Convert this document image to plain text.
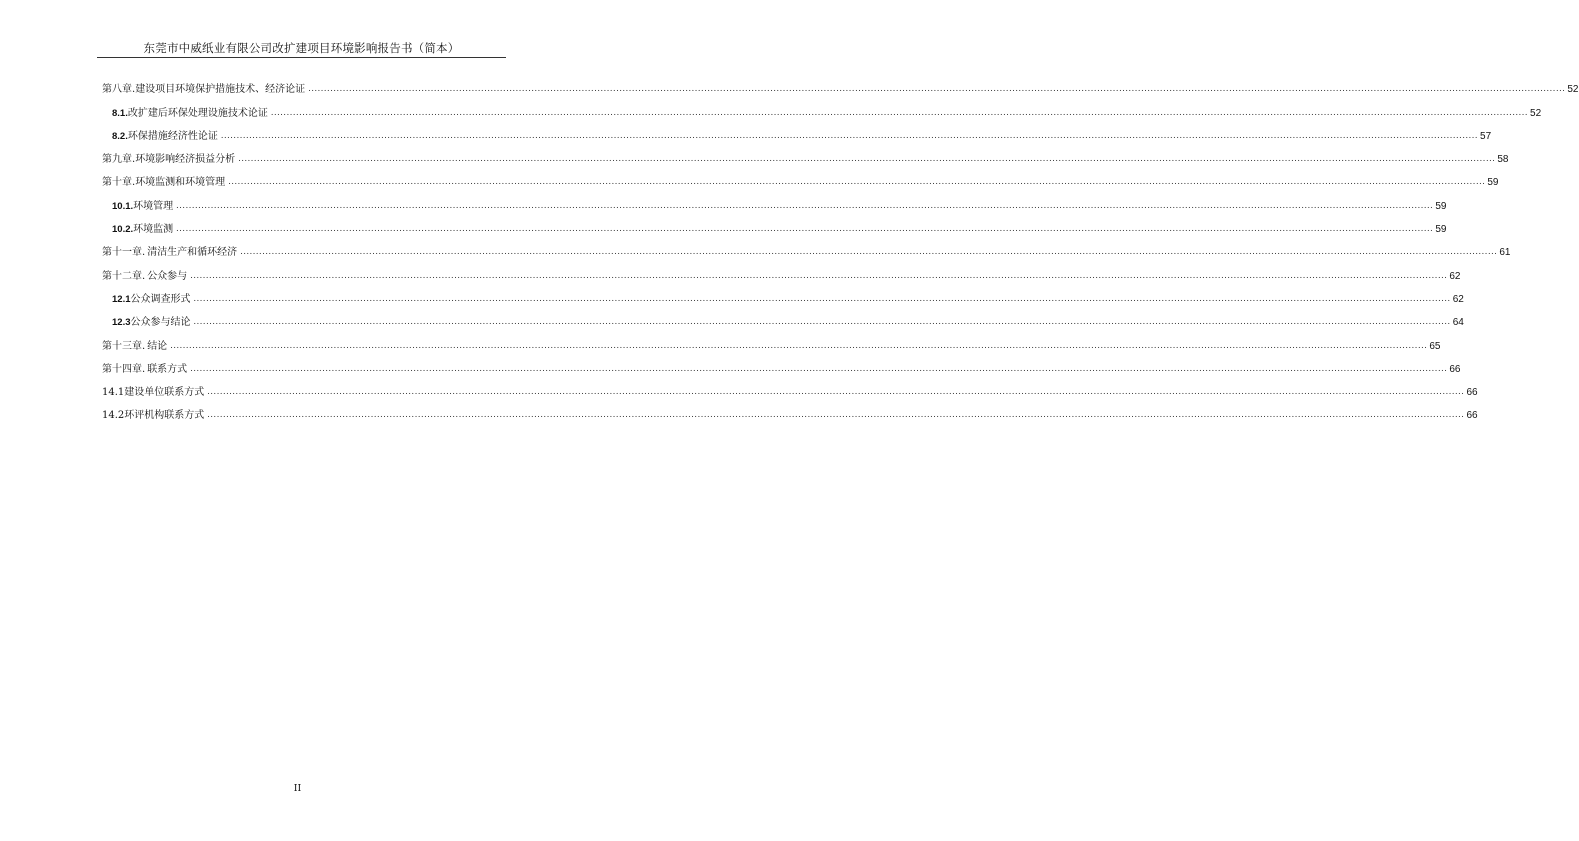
东莞市中威纸业有限公司改扩建项目环境影响报告书（简本）
第八章. 建设项目环境保护措施技术、经济论证 ................................................................................................................................................................................................................................................................................................................................................................................................................ 52
8.1. 改扩建后环保处理设施技术论证 ................................................................................................................................................................................................................................................................................................................................................................................................................ 52
8.2. 环保措施经济性论证 ................................................................................................................................................................................................................................................................................................................................................................................................................ 57
第九章. 环境影响经济损益分析 ................................................................................................................................................................................................................................................................................................................................................................................................................ 58
第十章. 环境监测和环境管理 ................................................................................................................................................................................................................................................................................................................................................................................................................ 59
10.1. 环境管理 ................................................................................................................................................................................................................................................................................................................................................................................................................ 59
10.2. 环境监测 ................................................................................................................................................................................................................................................................................................................................................................................................................ 59
第十一章. 清洁生产和循环经济 ................................................................................................................................................................................................................................................................................................................................................................................................................ 61
第十二章. 公众参与 ................................................................................................................................................................................................................................................................................................................................................................................................................ 62
12.1 公众调查形式 ................................................................................................................................................................................................................................................................................................................................................................................................................ 62
12.3 公众参与结论 ................................................................................................................................................................................................................................................................................................................................................................................................................ 64
第十三章. 结论 ................................................................................................................................................................................................................................................................................................................................................................................................................ 65
第十四章. 联系方式 ................................................................................................................................................................................................................................................................................................................................................................................................................ 66
14.1 建设单位联系方式 ................................................................................................................................................................................................................................................................................................................................................................................................................ 66
14.2 环评机构联系方式 ................................................................................................................................................................................................................................................................................................................................................................................................................ 66
II
